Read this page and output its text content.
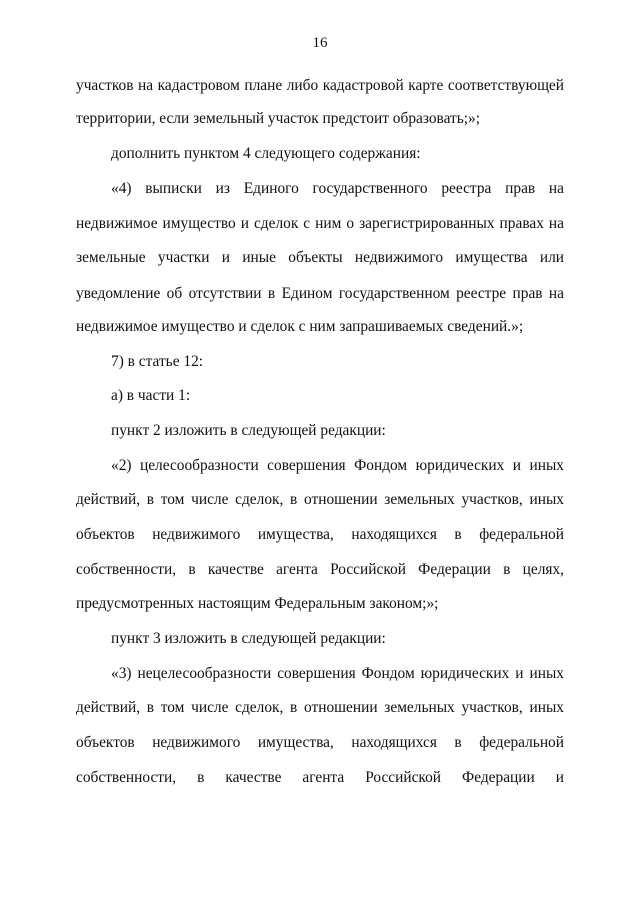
16
участков на кадастровом плане либо кадастровой карте соответствующей
территории, если земельный участок предстоит образовать;»;
дополнить пунктом 4 следующего содержания:
«4) выписки из Единого государственного реестра прав на
недвижимое имущество и сделок с ним о зарегистрированных правах на
земельные участки и иные объекты недвижимого имущества или
уведомление об отсутствии в Едином государственном реестре прав на
недвижимое имущество и сделок с ним запрашиваемых сведений.»;
7) в статье 12:
а) в части 1:
пункт 2 изложить в следующей редакции:
«2) целесообразности совершения Фондом юридических и иных
действий, в том числе сделок, в отношении земельных участков, иных
объектов недвижимого имущества, находящихся в федеральной
собственности, в качестве агента Российской Федерации в целях,
предусмотренных настоящим Федеральным законом;»;
пункт 3 изложить в следующей редакции:
«3) нецелесообразности совершения Фондом юридических и иных
действий, в том числе сделок, в отношении земельных участков, иных
объектов недвижимого имущества, находящихся в федеральной
собственности, в качестве агента Российской Федерации и
